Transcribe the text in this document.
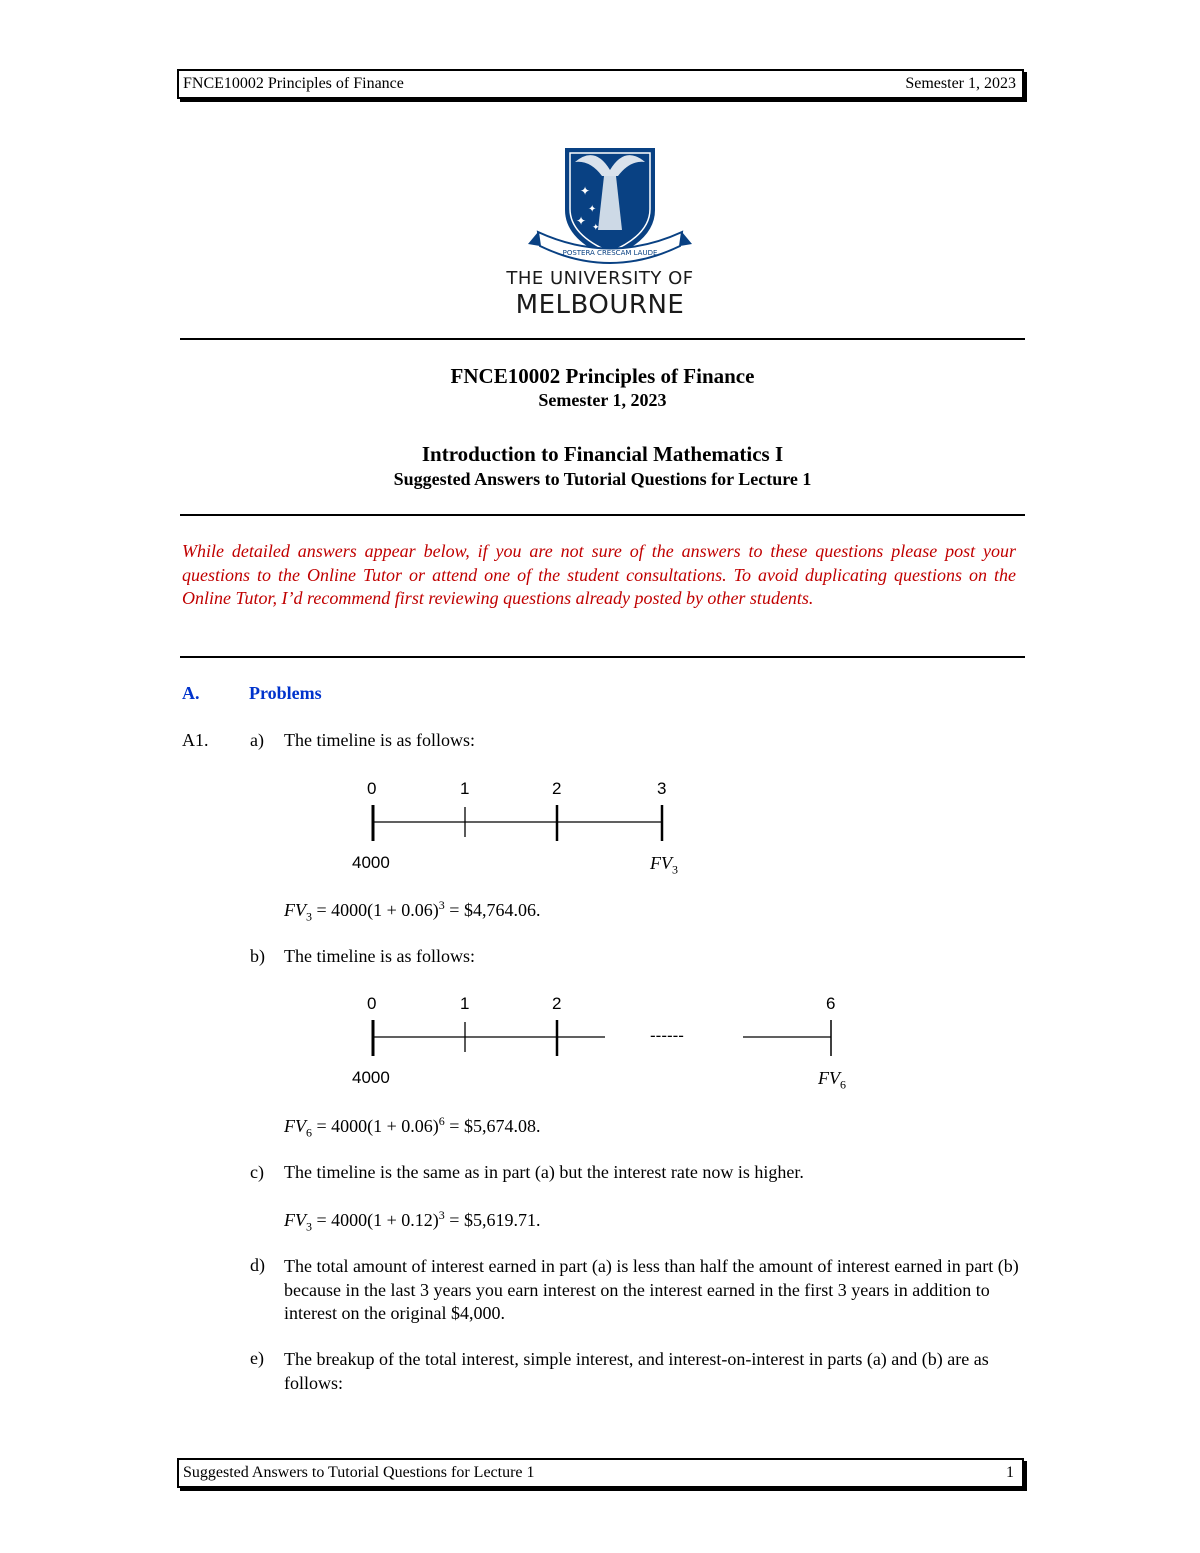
FNCE10002 Principles of Finance	Semester 1, 2023
✦
✦
✦ ✦
POSTERA CRESCAM LAUDE
THE UNIVERSITY OF
MELBOURNE
FNCE10002 Principles of Finance
Semester 1, 2023
Introduction to Financial Mathematics I
Suggested Answers to Tutorial Questions for Lecture 1
While detailed answers appear below, if you are not sure of the answers to these questions please post your questions to the Online Tutor or attend one of the student consultations. To avoid duplicating questions on the Online Tutor, I’d recommend first reviewing questions already posted by other students.
A.	Problems
A1. a) The timeline is as follows:
0	1	2	3
4000	$FV_3$
$FV_3 = 4000(1 + 0.06)^3$ = $4,764.06.
b) The timeline is as follows:
0	1	2	6
------
4000	$FV_6$
$FV_6 = 4000(1 + 0.06)^6$ = $5,674.08.
c) The timeline is the same as in part (a) but the interest rate now is higher.
$FV_3 = 4000(1 + 0.12)^3$ = $5,619.71.
d) The total amount of interest earned in part (a) is less than half the amount of interest earned in part (b) because in the last 3 years you earn interest on the interest earned in the first 3 years in addition to interest on the original $4,000.
e) The breakup of the total interest, simple interest, and interest-on-interest in parts (a) and (b) are as follows:
Suggested Answers to Tutorial Questions for Lecture 1	1
